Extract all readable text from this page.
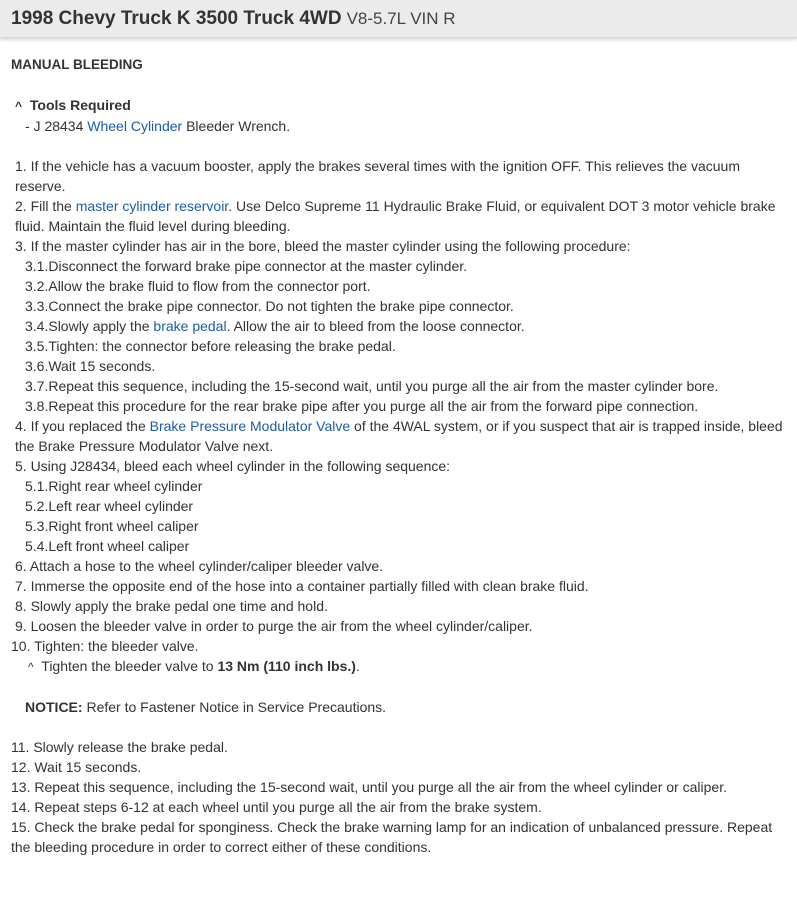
1998 Chevy Truck K 3500 Truck 4WD V8-5.7L VIN R
MANUAL BLEEDING
^ Tools Required
- J 28434 Wheel Cylinder Bleeder Wrench.
1. If the vehicle has a vacuum booster, apply the brakes several times with the ignition OFF. This relieves the vacuum reserve.
2. Fill the master cylinder reservoir. Use Delco Supreme 11 Hydraulic Brake Fluid, or equivalent DOT 3 motor vehicle brake fluid. Maintain the fluid level during bleeding.
3. If the master cylinder has air in the bore, bleed the master cylinder using the following procedure:
3.1.Disconnect the forward brake pipe connector at the master cylinder.
3.2.Allow the brake fluid to flow from the connector port.
3.3.Connect the brake pipe connector. Do not tighten the brake pipe connector.
3.4.Slowly apply the brake pedal. Allow the air to bleed from the loose connector.
3.5.Tighten: the connector before releasing the brake pedal.
3.6.Wait 15 seconds.
3.7.Repeat this sequence, including the 15-second wait, until you purge all the air from the master cylinder bore.
3.8.Repeat this procedure for the rear brake pipe after you purge all the air from the forward pipe connection.
4. If you replaced the Brake Pressure Modulator Valve of the 4WAL system, or if you suspect that air is trapped inside, bleed the Brake Pressure Modulator Valve next.
5. Using J28434, bleed each wheel cylinder in the following sequence:
5.1.Right rear wheel cylinder
5.2.Left rear wheel cylinder
5.3.Right front wheel caliper
5.4.Left front wheel caliper
6. Attach a hose to the wheel cylinder/caliper bleeder valve.
7. Immerse the opposite end of the hose into a container partially filled with clean brake fluid.
8. Slowly apply the brake pedal one time and hold.
9. Loosen the bleeder valve in order to purge the air from the wheel cylinder/caliper.
10. Tighten: the bleeder valve.
^ Tighten the bleeder valve to 13 Nm (110 inch lbs.).
NOTICE: Refer to Fastener Notice in Service Precautions.
11. Slowly release the brake pedal.
12. Wait 15 seconds.
13. Repeat this sequence, including the 15-second wait, until you purge all the air from the wheel cylinder or caliper.
14. Repeat steps 6-12 at each wheel until you purge all the air from the brake system.
15. Check the brake pedal for sponginess. Check the brake warning lamp for an indication of unbalanced pressure. Repeat the bleeding procedure in order to correct either of these conditions.
